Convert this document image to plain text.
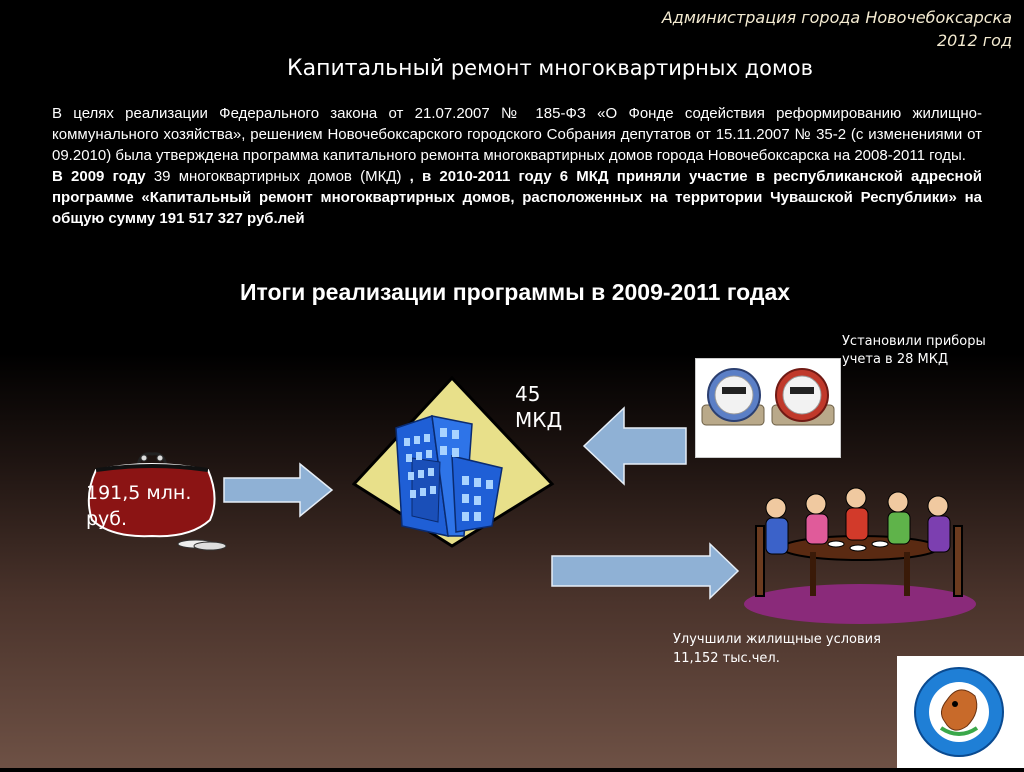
Администрация города Новочебоксарска
2012 год
Капитальный ремонт многоквартирных домов

В целях реализации Федерального закона от 21.07.2007 № 185-ФЗ «О Фонде содействия реформированию жилищно-коммунального хозяйства», решением Новочебоксарского городского Собрания депутатов от 15.11.2007 № 35-2 (с изменениями от 09.2010) была утверждена программа капитального ремонта многоквартирных домов города Новочебоксарска на 2008-2011 годы.

В 2009 году 39 многоквартирных домов (МКД) , в 2010-2011 году 6 МКД приняли участие в республиканской адресной программе «Капитальный ремонт многоквартирных домов, расположенных на территории Чувашской Республики» на общую сумму 191 517 327 руб.лей

Итоги реализации программы в 2009-2011 годах
191,5 млн. руб.
45
МКД
Установили приборы
учета в 28 МКД
Улучшили жилищные условия
11,152 тыс.чел.
